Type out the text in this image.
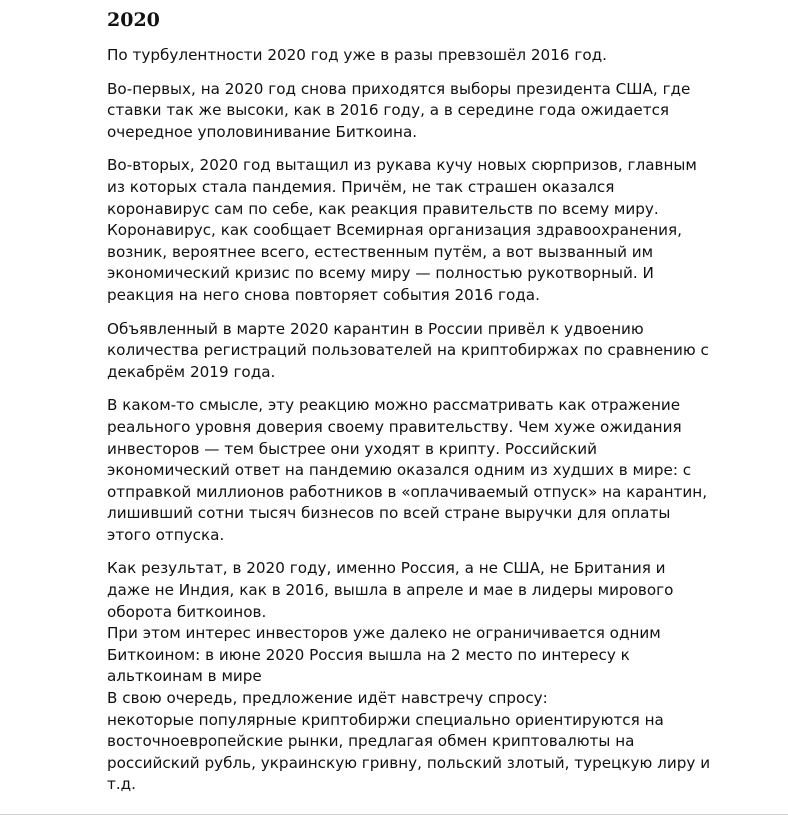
2020
По турбулентности 2020 год уже в разы превзошёл 2016 год.
Во-первых, на 2020 год снова приходятся выборы президента США, где
ставки так же высоки, как в 2016 году, а в середине года ожидается
очередное уполовинивание Биткоина.
Во-вторых, 2020 год вытащил из рукава кучу новых сюрпризов, главным
из которых стала пандемия. Причём, не так страшен оказался
коронавирус сам по себе, как реакция правительств по всему миру.
Коронавирус, как сообщает Всемирная организация здравоохранения,
возник, вероятнее всего, естественным путём, а вот вызванный им
экономический кризис по всему миру — полностью рукотворный. И
реакция на него снова повторяет события 2016 года.
Объявленный в марте 2020 карантин в России привёл к удвоению
количества регистраций пользователей на криптобиржах по сравнению с
декабрём 2019 года.
В каком-то смысле, эту реакцию можно рассматривать как отражение
реального уровня доверия своему правительству. Чем хуже ожидания
инвесторов — тем быстрее они уходят в крипту. Российский
экономический ответ на пандемию оказался одним из худших в мире: с
отправкой миллионов работников в «оплачиваемый отпуск» на карантин,
лишивший сотни тысяч бизнесов по всей стране выручки для оплаты
этого отпуска.
Как результат, в 2020 году, именно Россия, а не США, не Британия и
даже не Индия, как в 2016, вышла в апреле и мае в лидеры мирового
оборота биткоинов.
При этом интерес инвесторов уже далеко не ограничивается одним
Биткоином: в июне 2020 Россия вышла на 2 место по интересу к
альткоинам в мире
В свою очередь, предложение идёт навстречу спросу:
некоторые популярные криптобиржи специально ориентируются на
восточноевропейские рынки, предлагая обмен криптовалюты на
российский рубль, украинскую гривну, польский злотый, турецкую лиру и
т.д.
